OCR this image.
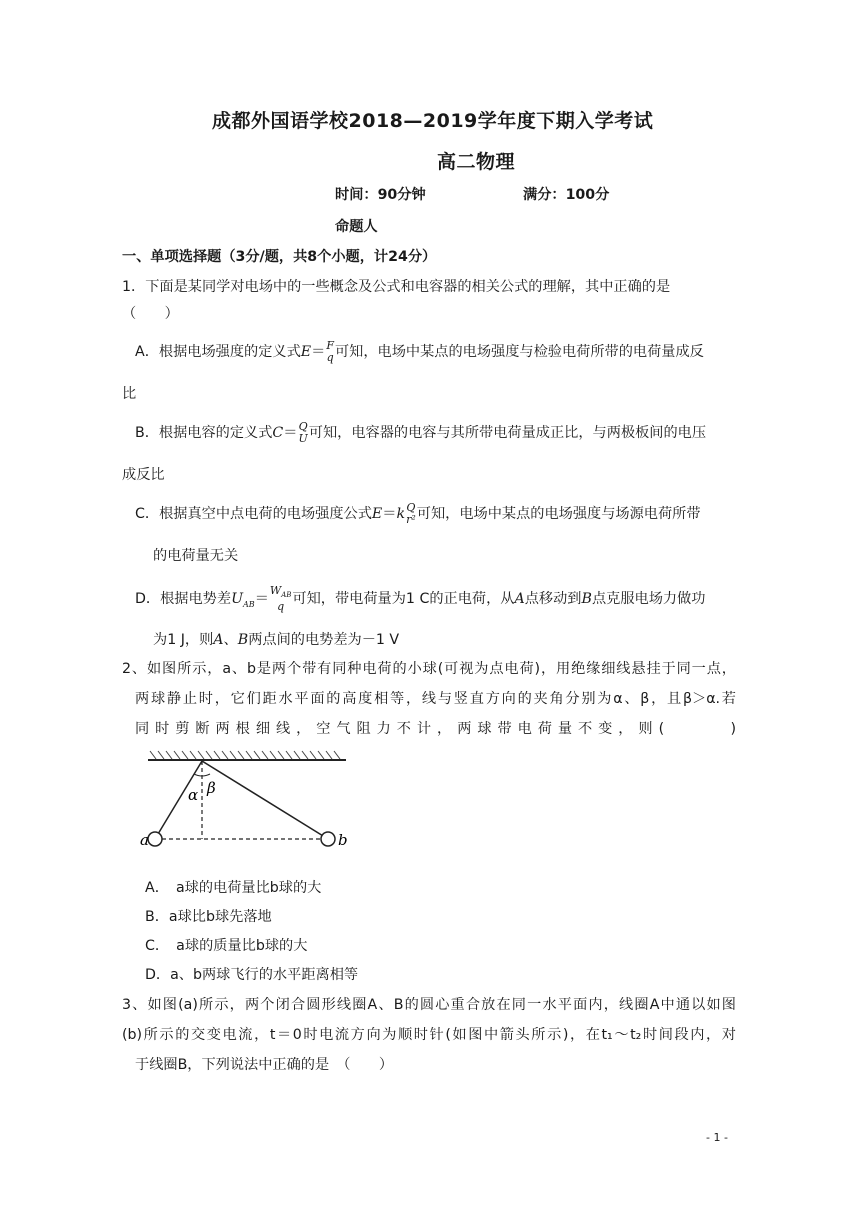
成都外国语学校2018—2019学年度下期入学考试
高二物理
时间：90分钟	满分：100分
命题人
一、单项选择题（3分/题，共8个小题，计24分）
1．下面是某同学对电场中的一些概念及公式和电容器的相关公式的理解，其中正确的是
（　　）
A．根据电场强度的定义式E＝ F
q 可知，电场中某点的电场强度与检验电荷所带的电荷量成反
比
B．根据电容的定义式C＝ Q
U 可知，电容器的电容与其所带电荷量成正比，与两极板间的电压
成反比
C．根据真空中点电荷的电场强度公式E＝k Q
r² 可知，电场中某点的电场强度与场源电荷所带
的电荷量无关
D．根据电势差$U_{AB}=$
$W_{AB}$
q 可知，带电荷量为1 C的正电荷，从A点移动到B点克服电场力做功
为1 J，则A、B两点间的电势差为－1 V
2、如图所示，a、b是两个带有同种电荷的小球(可视为点电荷)，用绝缘细线悬挂于同一点，
两球静止时，它们距水平面的高度相等，线与竖直方向的夹角分别为α、β，且β＞α.若
同时剪断两根细线，空气阻力不计，两球带电荷量不变，则(　　　)
α β
a	b
A．　a球的电荷量比b球的大
B．a球比b球先落地
C．　a球的质量比b球的大
D．a、b两球飞行的水平距离相等
3、如图(a)所示，两个闭合圆形线圈A、B的圆心重合放在同一水平面内，线圈A中通以如图
(b)所示的交变电流，t＝0时电流方向为顺时针(如图中箭头所示)，在t₁～t₂时间段内，对
于线圈B，下列说法中正确的是　（　　）
- 1 -
